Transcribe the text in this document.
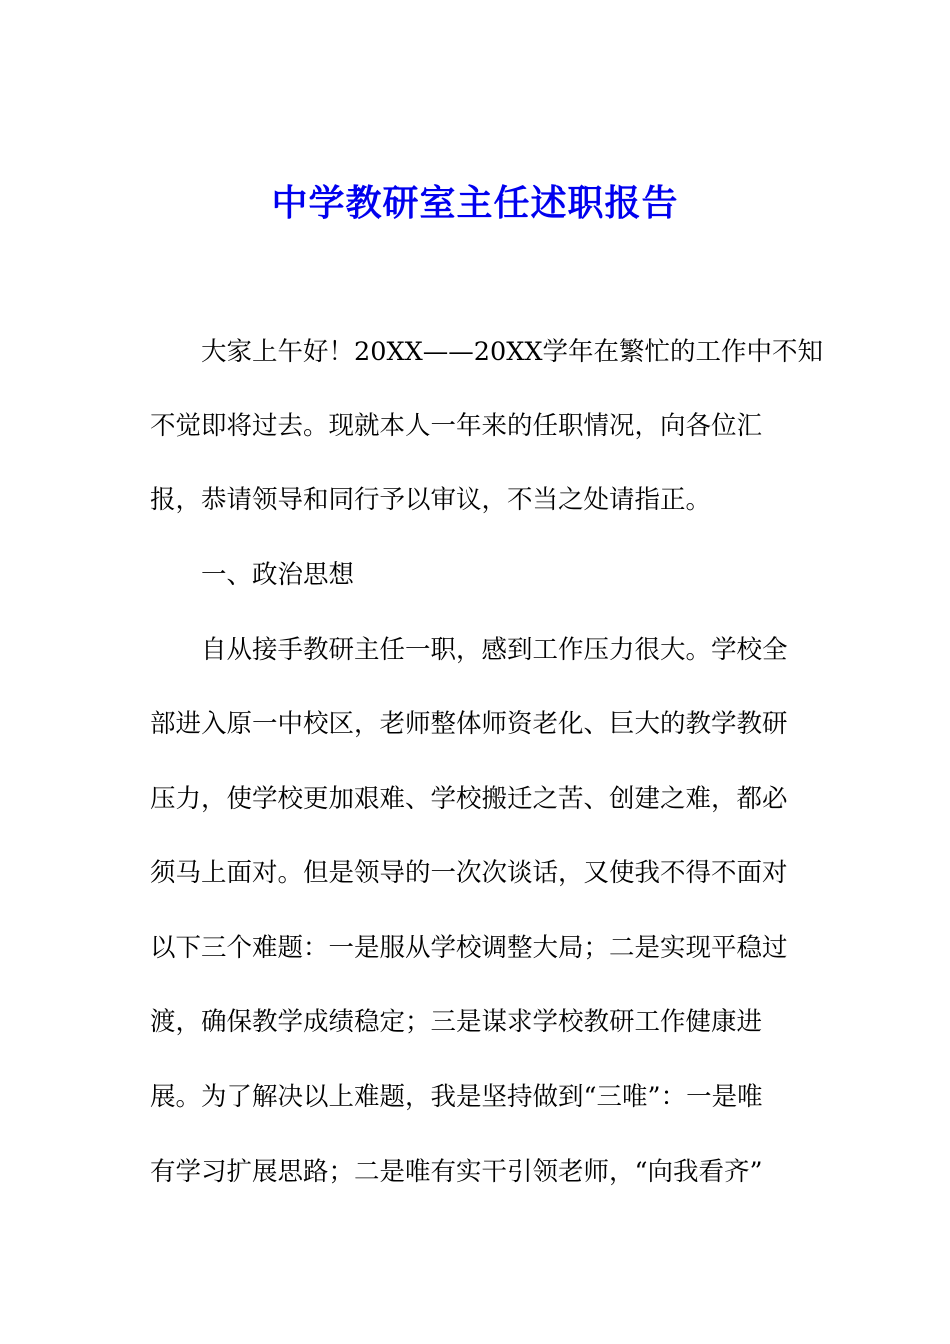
中学教研室主任述职报告
　　大家上午好！20XX——20XX学年在繁忙的工作中不知
不觉即将过去。现就本人一年来的任职情况，向各位汇
报，恭请领导和同行予以审议，不当之处请指正。
　　一、政治思想
　　自从接手教研主任一职，感到工作压力很大。学校全
部进入原一中校区，老师整体师资老化、巨大的教学教研
压力，使学校更加艰难、学校搬迁之苦、创建之难，都必
须马上面对。但是领导的一次次谈话，又使我不得不面对
以下三个难题：一是服从学校调整大局；二是实现平稳过
渡，确保教学成绩稳定；三是谋求学校教研工作健康进
展。为了解决以上难题，我是坚持做到“三唯”：一是唯
有学习扩展思路；二是唯有实干引领老师，“向我看齐”
